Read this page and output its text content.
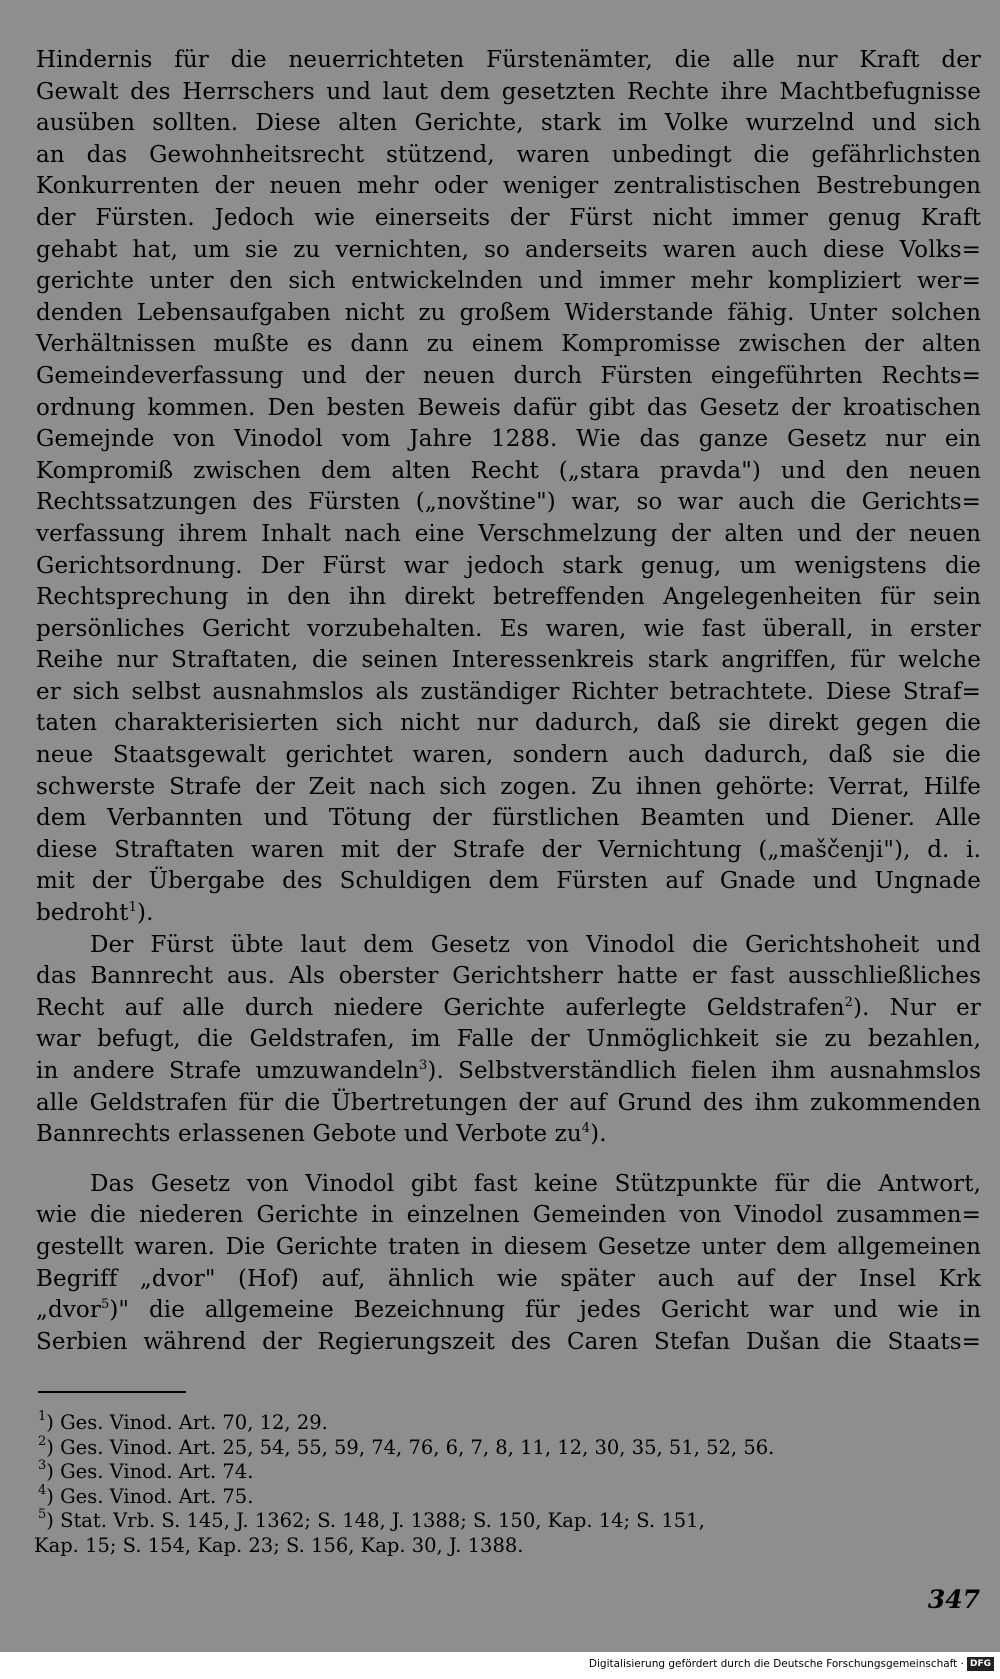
Hindernis für die neuerrichteten Fürstenämter, die alle nur Kraft der
Gewalt des Herrschers und laut dem gesetzten Rechte ihre Machtbefugnisse
ausüben sollten. Diese alten Gerichte, stark im Volke wurzelnd und sich
an das Gewohnheitsrecht stützend, waren unbedingt die gefährlichsten
Konkurrenten der neuen mehr oder weniger zentralistischen Bestrebungen
der Fürsten. Jedoch wie einerseits der Fürst nicht immer genug Kraft
gehabt hat, um sie zu vernichten, so anderseits waren auch diese Volks=
gerichte unter den sich entwickelnden und immer mehr kompliziert wer=
denden Lebensaufgaben nicht zu großem Widerstande fähig. Unter solchen
Verhältnissen mußte es dann zu einem Kompromisse zwischen der alten
Gemeindeverfassung und der neuen durch Fürsten eingeführten Rechts=
ordnung kommen. Den besten Beweis dafür gibt das Gesetz der kroatischen
Gemejnde von Vinodol vom Jahre 1288. Wie das ganze Gesetz nur ein
Kompromiß zwischen dem alten Recht („stara pravda") und den neuen
Rechtssatzungen des Fürsten („novštine") war, so war auch die Gerichts=
verfassung ihrem Inhalt nach eine Verschmelzung der alten und der neuen
Gerichtsordnung. Der Fürst war jedoch stark genug, um wenigstens die
Rechtsprechung in den ihn direkt betreffenden Angelegenheiten für sein
persönliches Gericht vorzubehalten. Es waren, wie fast überall, in erster
Reihe nur Straftaten, die seinen Interessenkreis stark angriffen, für welche
er sich selbst ausnahmslos als zuständiger Richter betrachtete. Diese Straf=
taten charakterisierten sich nicht nur dadurch, daß sie direkt gegen die
neue Staatsgewalt gerichtet waren, sondern auch dadurch, daß sie die
schwerste Strafe der Zeit nach sich zogen. Zu ihnen gehörte: Verrat, Hilfe
dem Verbannten und Tötung der fürstlichen Beamten und Diener. Alle
diese Straftaten waren mit der Strafe der Vernichtung („maščenji"), d. i.
mit der Übergabe des Schuldigen dem Fürsten auf Gnade und Ungnade
bedroht$^1$).
Der Fürst übte laut dem Gesetz von Vinodol die Gerichtshoheit und
das Bannrecht aus. Als oberster Gerichtsherr hatte er fast ausschließliches
Recht auf alle durch niedere Gerichte auferlegte Geldstrafen$^2$). Nur er
war befugt, die Geldstrafen, im Falle der Unmöglichkeit sie zu bezahlen,
in andere Strafe umzuwandeln$^3$). Selbstverständlich fielen ihm ausnahmslos
alle Geldstrafen für die Übertretungen der auf Grund des ihm zukommenden
Bannrechts erlassenen Gebote und Verbote $zu^4$).
Das Gesetz von Vinodol gibt fast keine Stützpunkte für die Antwort,
wie die niederen Gerichte in einzelnen Gemeinden von Vinodol zusammen=
gestellt waren. Die Gerichte traten in diesem Gesetze unter dem allgemeinen
Begriff „dvor" (Hof) auf, ähnlich wie später auch auf der Insel Krk
„dvor$^5$)" die allgemeine Bezeichnung für jedes Gericht war und wie in
Serbien während der Regierungszeit des Caren Stefan Dušan die Staats=
$^1$) Ges. Vinod. Art. 70, 12, 29.
$^2$) Ges. Vinod. Art. 25, 54, 55, 59, 74, 76, 6, 7, 8, 11, 12, 30, 35, 51, 52, 56.
$^3$) Ges. Vinod. Art. 74.
$^4$) Ges. Vinod. Art. 75.
$^5$) Stat. Vrb. S. 145, J. 1362; S. 148, J. 1388; S. 150, Kap. 14; S. 151,
Kap. 15; S. 154, Kap. 23; S. 156, Kap. 30, J. 1388.
347
Digitalisierung gefördert durch die Deutsche Forschungsgemeinschaft · DFG
